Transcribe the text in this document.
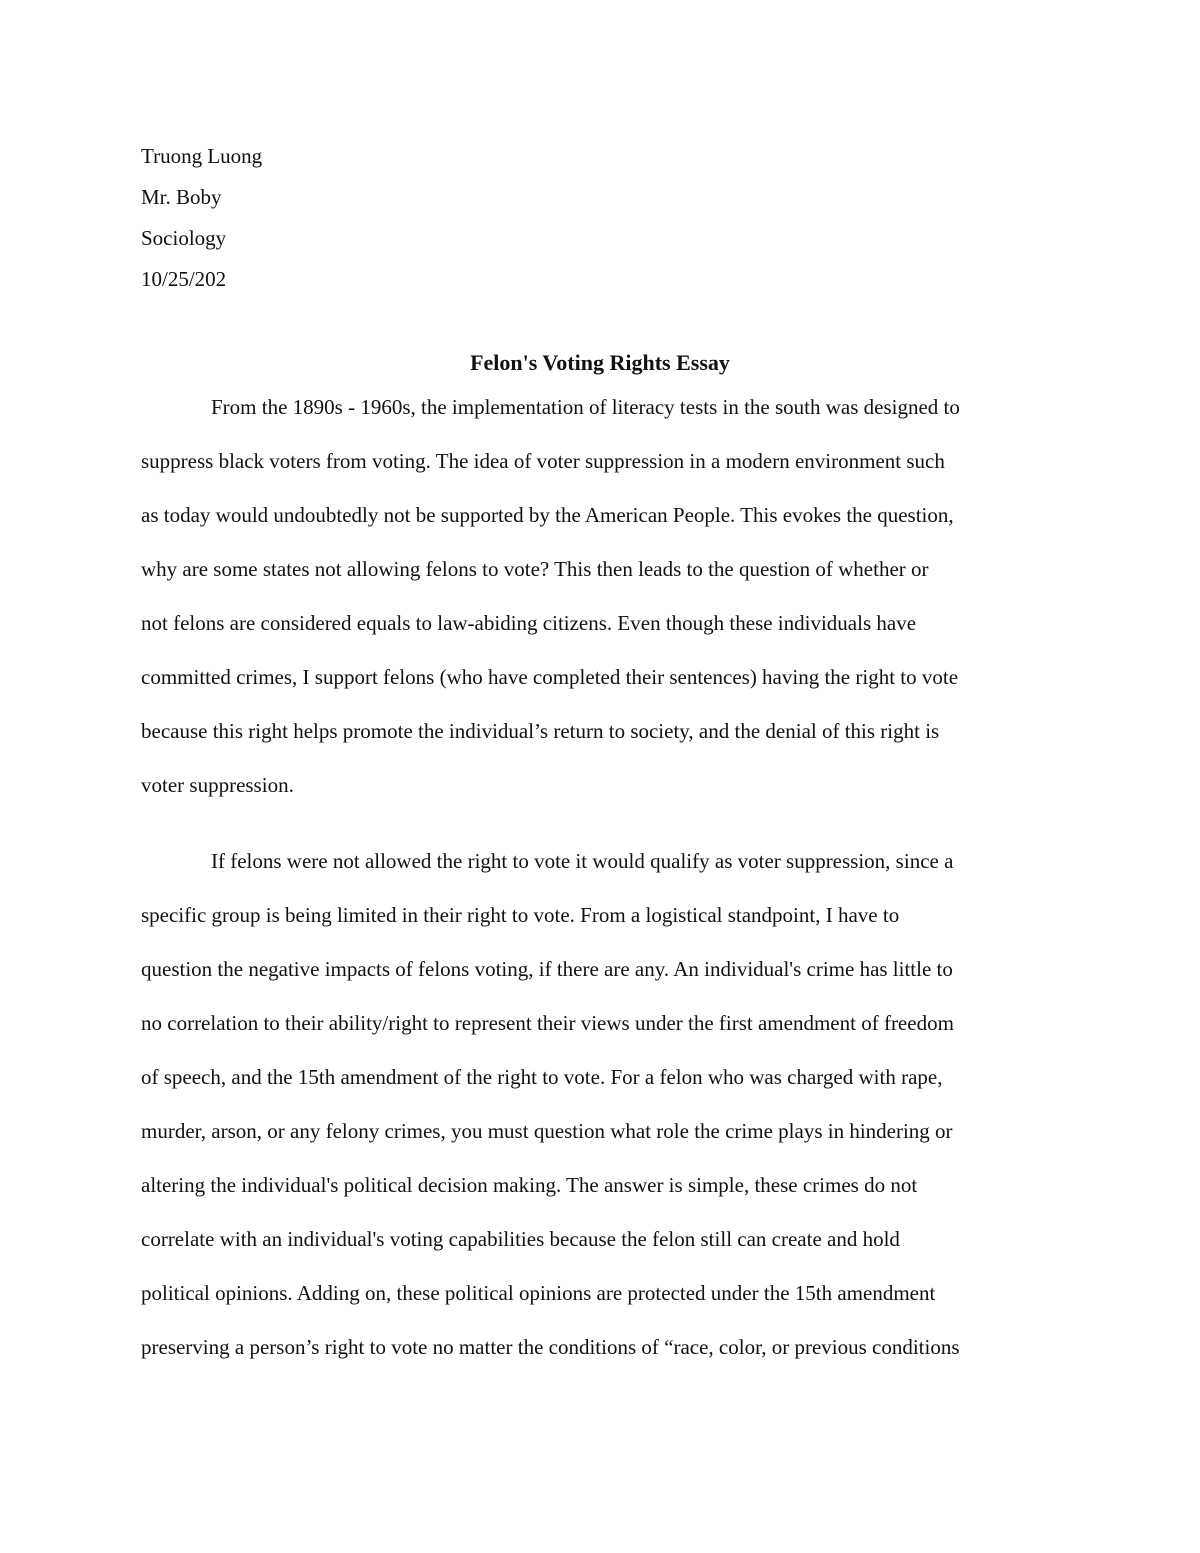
Truong Luong
Mr. Boby
Sociology
10/25/202
Felon's Voting Rights Essay
From the 1890s - 1960s, the implementation of literacy tests in the south was designed to
suppress black voters from voting. The idea of voter suppression in a modern environment such
as today would undoubtedly not be supported by the American People. This evokes the question,
why are some states not allowing felons to vote? This then leads to the question of whether or
not felons are considered equals to law-abiding citizens. Even though these individuals have
committed crimes, I support felons (who have completed their sentences) having the right to vote
because this right helps promote the individual’s return to society, and the denial of this right is
voter suppression.
If felons were not allowed the right to vote it would qualify as voter suppression, since a
specific group is being limited in their right to vote. From a logistical standpoint, I have to
question the negative impacts of felons voting, if there are any. An individual's crime has little to
no correlation to their ability/right to represent their views under the first amendment of freedom
of speech, and the 15th amendment of the right to vote. For a felon who was charged with rape,
murder, arson, or any felony crimes, you must question what role the crime plays in hindering or
altering the individual's political decision making. The answer is simple, these crimes do not
correlate with an individual's voting capabilities because the felon still can create and hold
political opinions. Adding on, these political opinions are protected under the 15th amendment
preserving a person’s right to vote no matter the conditions of “race, color, or previous conditions
